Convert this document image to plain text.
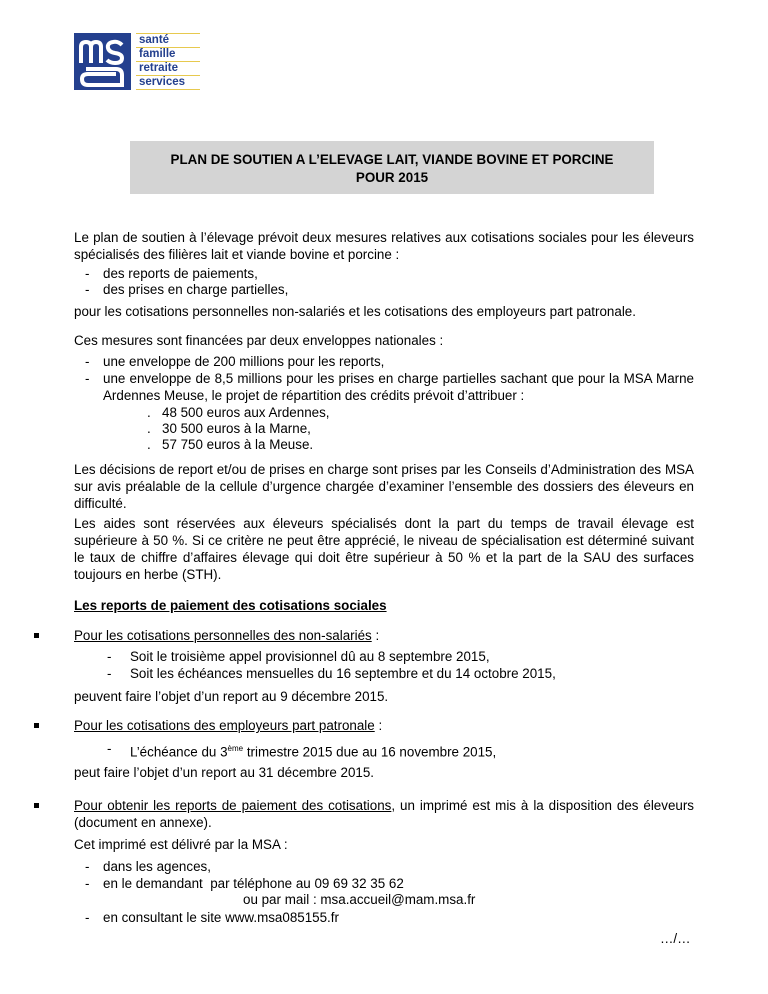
santé
famille
retraite
services
PLAN DE SOUTIEN A L’ELEVAGE LAIT, VIANDE BOVINE ET PORCINE
POUR 2015
Le plan de soutien à l’élevage prévoit deux mesures relatives aux cotisations sociales pour les éleveurs spécialisés des filières lait et viande bovine et porcine :
- des reports de paiements,
- des prises en charge partielles,
pour les cotisations personnelles non-salariés et les cotisations des employeurs part patronale.
Ces mesures sont financées par deux enveloppes nationales :
- une enveloppe de 200 millions pour les reports,
- une enveloppe de 8,5 millions pour les prises en charge partielles sachant que pour la MSA Marne Ardennes Meuse, le projet de répartition des crédits prévoit d’attribuer :
. 48 500 euros aux Ardennes,
. 30 500 euros à la Marne,
. 57 750 euros à la Meuse.
Les décisions de report et/ou de prises en charge sont prises par les Conseils d’Administration des MSA sur avis préalable de la cellule d’urgence chargée d’examiner l’ensemble des dossiers des éleveurs en difficulté.
Les aides sont réservées aux éleveurs spécialisés dont la part du temps de travail élevage est supérieure à 50 %. Si ce critère ne peut être apprécié, le niveau de spécialisation est déterminé suivant le taux de chiffre d’affaires élevage qui doit être supérieur à 50 % et la part de la SAU des surfaces toujours en herbe (STH).
Les reports de paiement des cotisations sociales
Pour les cotisations personnelles des non-salariés :
- Soit le troisième appel provisionnel dû au 8 septembre 2015,
- Soit les échéances mensuelles du 16 septembre et du 14 octobre 2015,
peuvent faire l’objet d’un report au 9 décembre 2015.
Pour les cotisations des employeurs part patronale :
- L’échéance du 3ème trimestre 2015 due au 16 novembre 2015,
peut faire l’objet d’un report au 31 décembre 2015.
Pour obtenir les reports de paiement des cotisations, un imprimé est mis à la disposition des éleveurs (document en annexe).
Cet imprimé est délivré par la MSA :
- dans les agences,
- en le demandant  par téléphone au 09 69 32 35 62
ou par mail : msa.accueil@mam.msa.fr
- en consultant le site www.msa085155.fr
…/…
